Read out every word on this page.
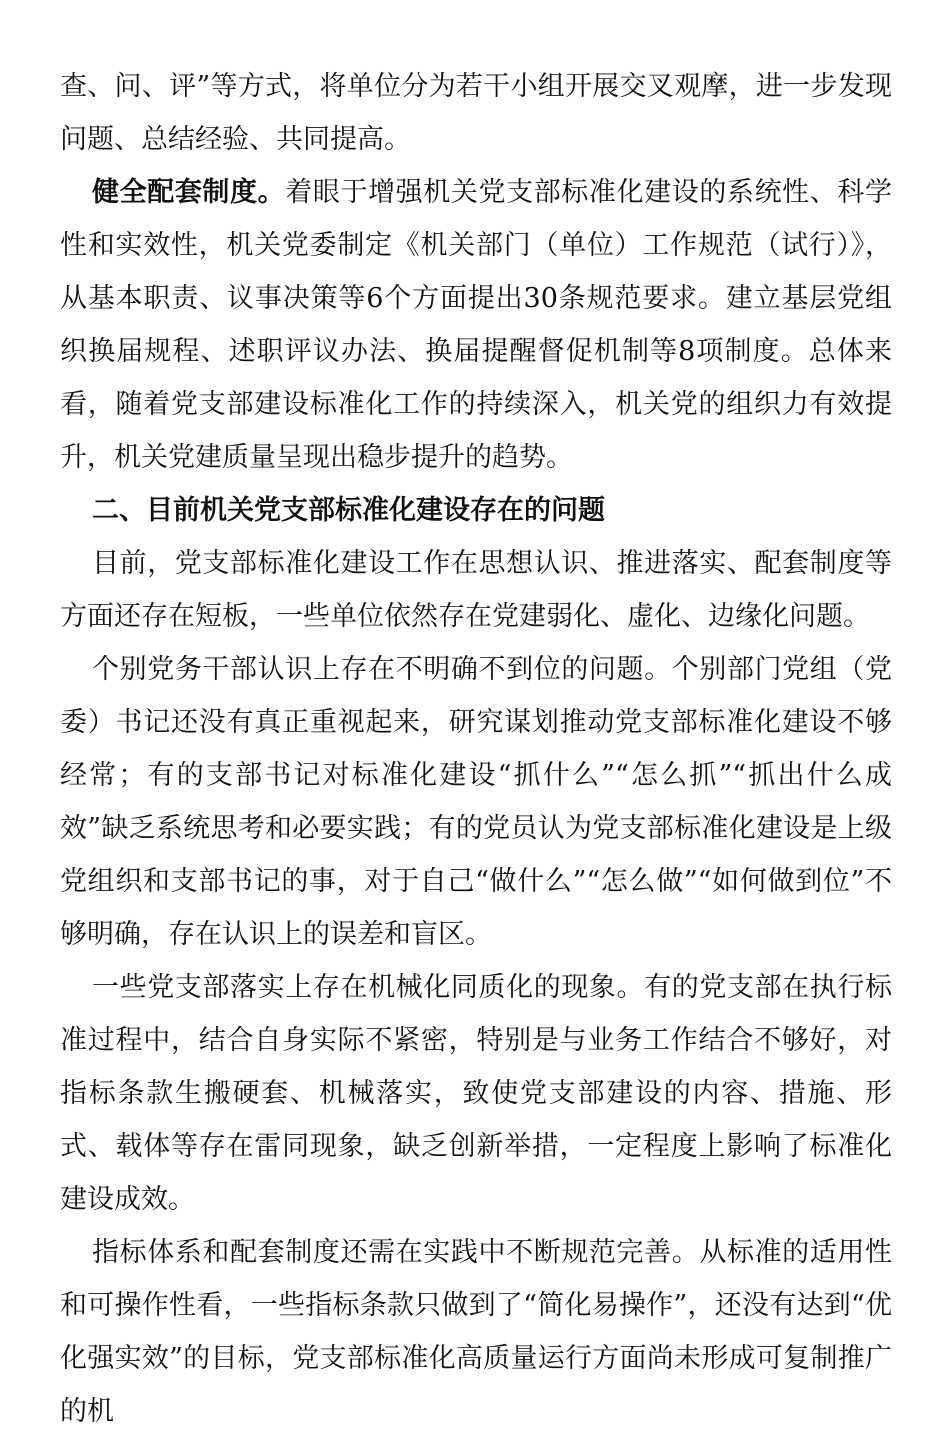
查、问、评”等方式，将单位分为若干小组开展交叉观摩，进一步发现问题、总结经验、共同提高。

健全配套制度。着眼于增强机关党支部标准化建设的系统性、科学性和实效性，机关党委制定《机关部门（单位）工作规范（试行）》，从基本职责、议事决策等6个方面提出30条规范要求。建立基层党组织换届规程、述职评议办法、换届提醒督促机制等8项制度。总体来看，随着党支部建设标准化工作的持续深入，机关党的组织力有效提升，机关党建质量呈现出稳步提升的趋势。

二、目前机关党支部标准化建设存在的问题

目前，党支部标准化建设工作在思想认识、推进落实、配套制度等方面还存在短板，一些单位依然存在党建弱化、虚化、边缘化问题。

个别党务干部认识上存在不明确不到位的问题。个别部门党组（党委）书记还没有真正重视起来，研究谋划推动党支部标准化建设不够经常；有的支部书记对标准化建设“抓什么”“怎么抓”“抓出什么成效”缺乏系统思考和必要实践；有的党员认为党支部标准化建设是上级党组织和支部书记的事，对于自己“做什么”“怎么做”“如何做到位”不够明确，存在认识上的误差和盲区。

一些党支部落实上存在机械化同质化的现象。有的党支部在执行标准过程中，结合自身实际不紧密，特别是与业务工作结合不够好，对指标条款生搬硬套、机械落实，致使党支部建设的内容、措施、形式、载体等存在雷同现象，缺乏创新举措，一定程度上影响了标准化建设成效。

指标体系和配套制度还需在实践中不断规范完善。从标准的适用性和可操作性看，一些指标条款只做到了“简化易操作”，还没有达到“优化强实效”的目标，党支部标准化高质量运行方面尚未形成可复制推广的机
